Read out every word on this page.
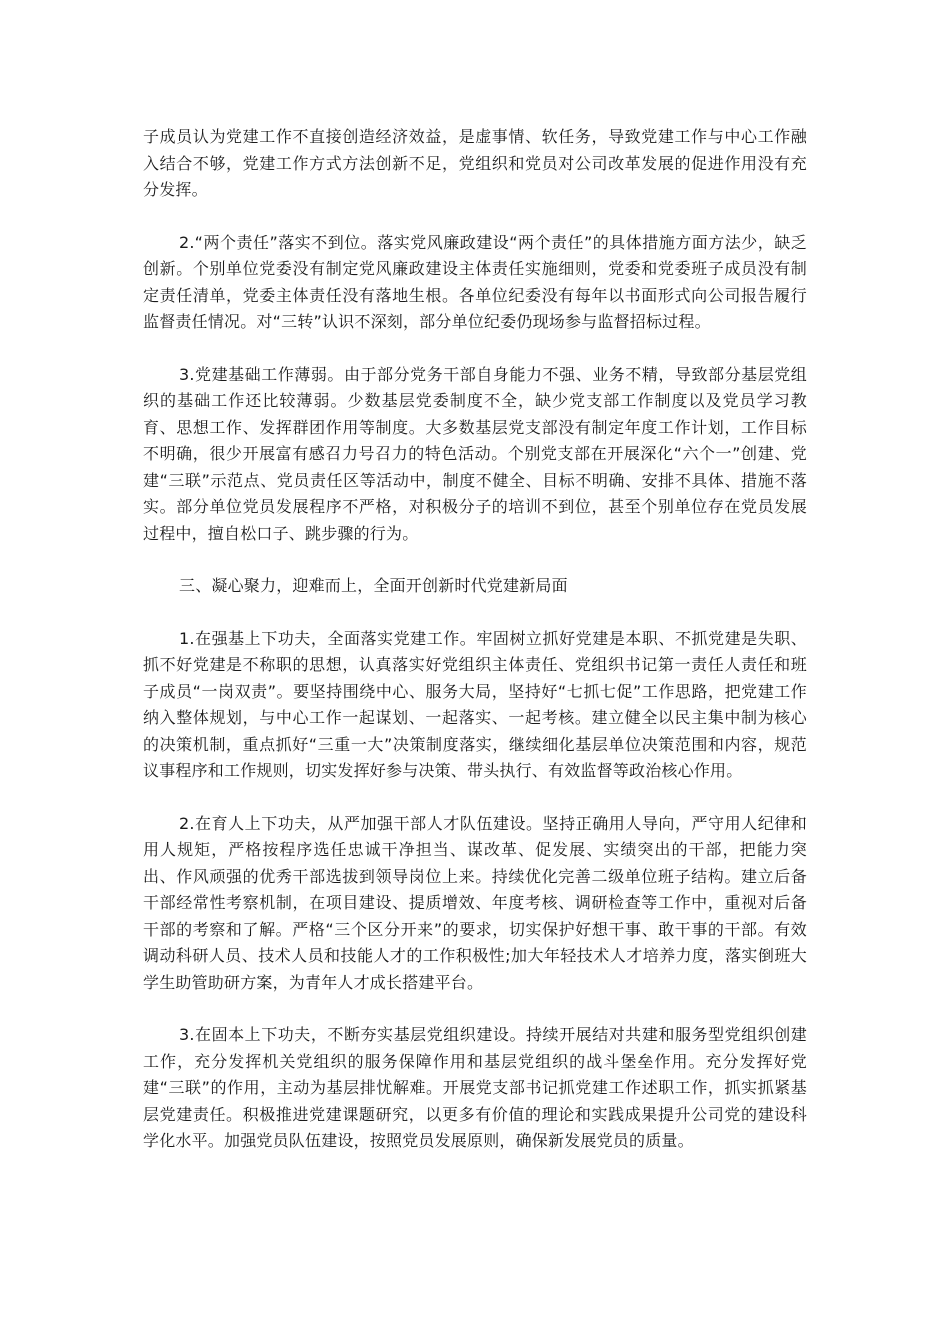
子成员认为党建工作不直接创造经济效益，是虚事情、软任务，导致党建工作与中心工作融入结合不够，党建工作方式方法创新不足，党组织和党员对公司改革发展的促进作用没有充分发挥。

2.“两个责任”落实不到位。落实党风廉政建设“两个责任”的具体措施方面方法少，缺乏创新。个别单位党委没有制定党风廉政建设主体责任实施细则，党委和党委班子成员没有制定责任清单，党委主体责任没有落地生根。各单位纪委没有每年以书面形式向公司报告履行监督责任情况。对“三转”认识不深刻，部分单位纪委仍现场参与监督招标过程。

3.党建基础工作薄弱。由于部分党务干部自身能力不强、业务不精，导致部分基层党组织的基础工作还比较薄弱。少数基层党委制度不全，缺少党支部工作制度以及党员学习教育、思想工作、发挥群团作用等制度。大多数基层党支部没有制定年度工作计划，工作目标不明确，很少开展富有感召力号召力的特色活动。个别党支部在开展深化“六个一”创建、党建“三联”示范点、党员责任区等活动中，制度不健全、目标不明确、安排不具体、措施不落实。部分单位党员发展程序不严格，对积极分子的培训不到位，甚至个别单位存在党员发展过程中，擅自松口子、跳步骤的行为。

三、凝心聚力，迎难而上，全面开创新时代党建新局面

1.在强基上下功夫，全面落实党建工作。牢固树立抓好党建是本职、不抓党建是失职、抓不好党建是不称职的思想，认真落实好党组织主体责任、党组织书记第一责任人责任和班子成员“一岗双责”。要坚持围绕中心、服务大局，坚持好“七抓七促”工作思路，把党建工作纳入整体规划，与中心工作一起谋划、一起落实、一起考核。建立健全以民主集中制为核心的决策机制，重点抓好“三重一大”决策制度落实，继续细化基层单位决策范围和内容，规范议事程序和工作规则，切实发挥好参与决策、带头执行、有效监督等政治核心作用。

2.在育人上下功夫，从严加强干部人才队伍建设。坚持正确用人导向，严守用人纪律和用人规矩，严格按程序选任忠诚干净担当、谋改革、促发展、实绩突出的干部，把能力突出、作风顽强的优秀干部选拔到领导岗位上来。持续优化完善二级单位班子结构。建立后备干部经常性考察机制，在项目建设、提质增效、年度考核、调研检查等工作中，重视对后备干部的考察和了解。严格“三个区分开来”的要求，切实保护好想干事、敢干事的干部。有效调动科研人员、技术人员和技能人才的工作积极性;加大年轻技术人才培养力度，落实倒班大学生助管助研方案，为青年人才成长搭建平台。

3.在固本上下功夫，不断夯实基层党组织建设。持续开展结对共建和服务型党组织创建工作，充分发挥机关党组织的服务保障作用和基层党组织的战斗堡垒作用。充分发挥好党建“三联”的作用，主动为基层排忧解难。开展党支部书记抓党建工作述职工作，抓实抓紧基层党建责任。积极推进党建课题研究，以更多有价值的理论和实践成果提升公司党的建设科学化水平。加强党员队伍建设，按照党员发展原则，确保新发展党员的质量。
